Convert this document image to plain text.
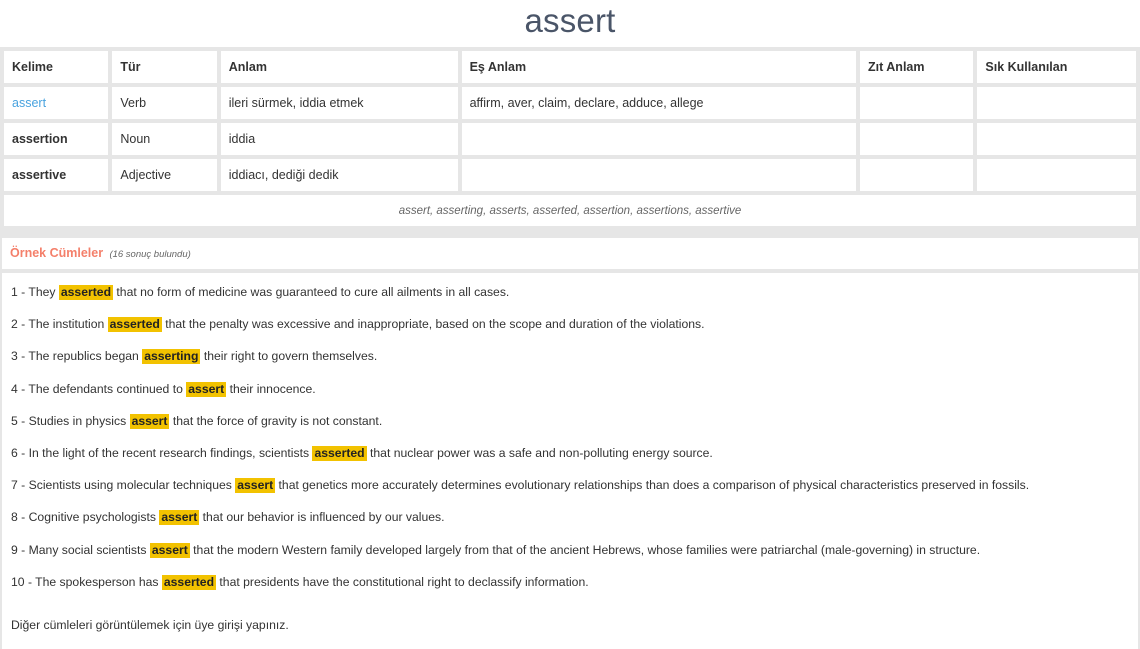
assert
Kelime	Tür	Anlam	Eş Anlam	Zıt Anlam	Sık Kullanılan
assert	Verb	ileri sürmek, iddia etmek	affirm, aver, claim, declare, adduce, allege		
assertion	Noun	iddia			
assertive	Adjective	iddiacı, dediği dedik			
assert, asserting, asserts, asserted, assertion, assertions, assertive					
Örnek Cümleler (16 sonuç bulundu)
1 - They asserted that no form of medicine was guaranteed to cure all ailments in all cases.
2 - The institution asserted that the penalty was excessive and inappropriate, based on the scope and duration of the violations.
3 - The republics began asserting their right to govern themselves.
4 - The defendants continued to assert their innocence.
5 - Studies in physics assert that the force of gravity is not constant.
6 - In the light of the recent research findings, scientists asserted that nuclear power was a safe and non-polluting energy source.
7 - Scientists using molecular techniques assert that genetics more accurately determines evolutionary relationships than does a comparison of physical characteristics preserved in fossils.
8 - Cognitive psychologists assert that our behavior is influenced by our values.
9 - Many social scientists assert that the modern Western family developed largely from that of the ancient Hebrews, whose families were patriarchal (male-governing) in structure.
10 - The spokesperson has asserted that presidents have the constitutional right to declassify information.
Diğer cümleleri görüntülemek için üye girişi yapınız.
